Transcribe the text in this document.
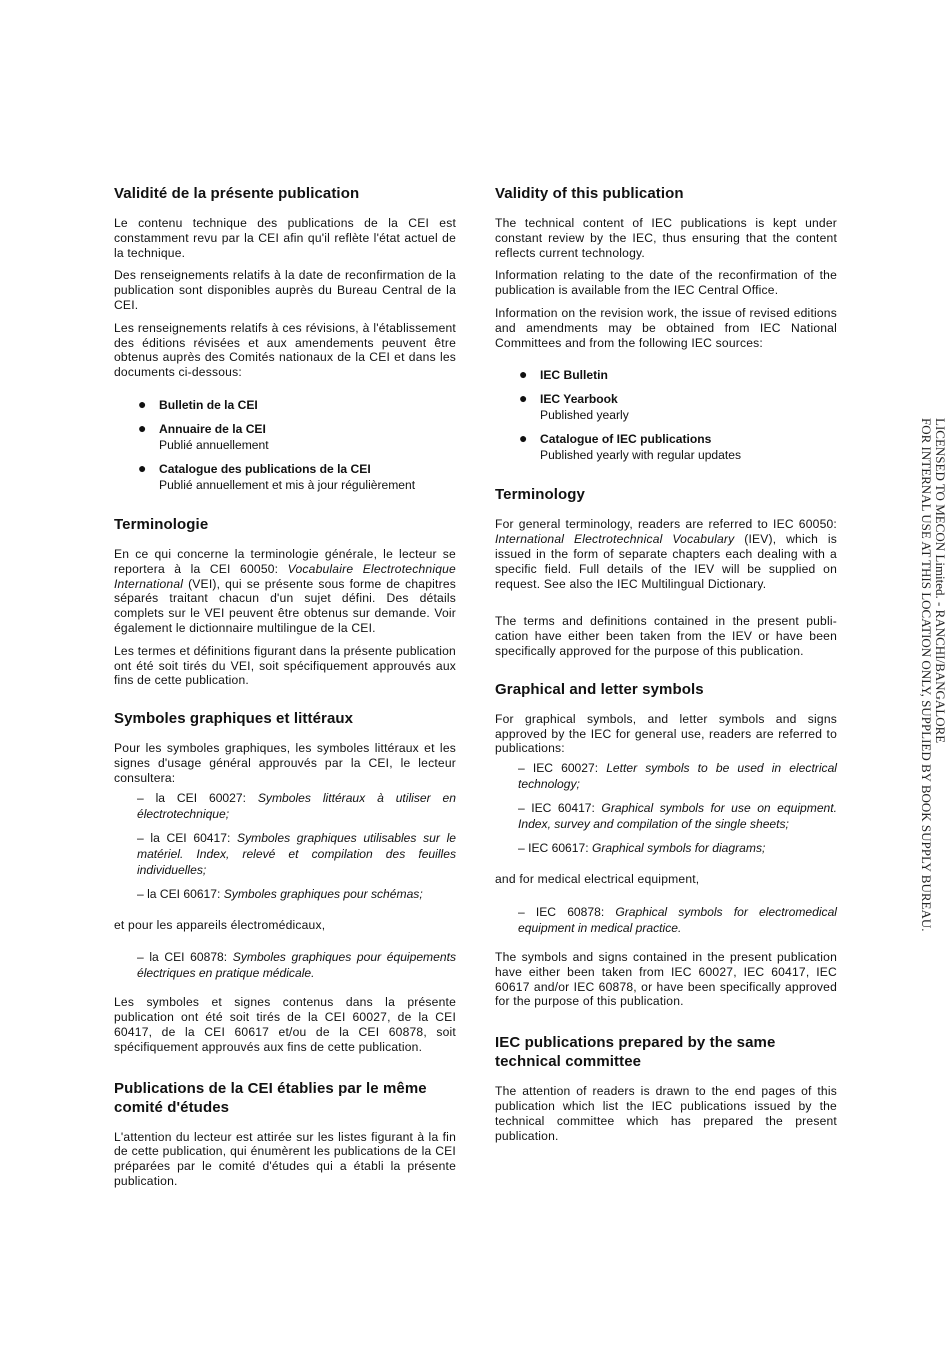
Validité de la présente publication

Le contenu technique des publications de la CEI est constamment revu par la CEI afin qu'il reflète l'état actuel de la technique.

Des renseignements relatifs à la date de reconfirmation de la publication sont disponibles auprès du Bureau Central de la CEI.

Les renseignements relatifs à ces révisions, à l'établissement des éditions révisées et aux amendements peuvent être obtenus auprès des Comités nationaux de la CEI et dans les documents ci-dessous:

● Bulletin de la CEI
● Annuaire de la CEI
Publié annuellement
● Catalogue des publications de la CEI
Publié annuellement et mis à jour régulièrement
Terminologie

En ce qui concerne la terminologie générale, le lecteur se reportera à la CEI 60050: Vocabulaire Electrotechnique International (VEI), qui se présente sous forme de chapitres séparés traitant chacun d'un sujet défini. Des détails complets sur le VEI peuvent être obtenus sur demande. Voir également le dictionnaire multilingue de la CEI.

Les termes et définitions figurant dans la présente publication ont été soit tirés du VEI, soit spécifiquement approuvés aux fins de cette publication.

Symboles graphiques et littéraux

Pour les symboles graphiques, les symboles littéraux et les signes d'usage général approuvés par la CEI, le lecteur consultera:

– la CEI 60027: Symboles littéraux à utiliser en électrotechnique;
– la CEI 60417: Symboles graphiques utilisables sur le matériel. Index, relevé et compilation des feuilles individuelles;
– la CEI 60617: Symboles graphiques pour schémas;

et pour les appareils électromédicaux,

– la CEI 60878: Symboles graphiques pour équipements électriques en pratique médicale.

Les symboles et signes contenus dans la présente publication ont été soit tirés de la CEI 60027, de la CEI 60417, de la CEI 60617 et/ou de la CEI 60878, soit spécifiquement approuvés aux fins de cette publication.

Publications de la CEI établies par le même comité d'études

L'attention du lecteur est attirée sur les listes figurant à la fin de cette publication, qui énumèrent les publications de la CEI préparées par le comité d'études qui a établi la présente publication.

Validity of this publication

The technical content of IEC publications is kept under constant review by the IEC, thus ensuring that the content reflects current technology.

Information relating to the date of the reconfirmation of the publication is available from the IEC Central Office.

Information on the revision work, the issue of revised editions and amendments may be obtained from IEC National Committees and from the following IEC sources:

● IEC Bulletin
● IEC Yearbook
Published yearly
● Catalogue of IEC publications
Published yearly with regular updates
Terminology

For general terminology, readers are referred to IEC 60050: International Electrotechnical Vocabulary (IEV), which is issued in the form of separate chapters each dealing with a specific field. Full details of the IEV will be supplied on request. See also the IEC Multilingual Dictionary.

The terms and definitions contained in the present publi-cation have either been taken from the IEV or have been specifically approved for the purpose of this publication.

Graphical and letter symbols

For graphical symbols, and letter symbols and signs approved by the IEC for general use, readers are referred to publications:

– IEC 60027: Letter symbols to be used in electrical technology;
– IEC 60417: Graphical symbols for use on equipment. Index, survey and compilation of the single sheets;
– IEC 60617: Graphical symbols for diagrams;

and for medical electrical equipment,

– IEC 60878: Graphical symbols for electromedical equipment in medical practice.

The symbols and signs contained in the present publication have either been taken from IEC 60027, IEC 60417, IEC 60617 and/or IEC 60878, or have been specifically approved for the purpose of this publication.

IEC publications prepared by the same technical committee

The attention of readers is drawn to the end pages of this publication which list the IEC publications issued by the technical committee which has prepared the present publication.

LICENSED TO MECON Limited. - RANCHI/BANGALORE
FOR INTERNAL USE AT THIS LOCATION ONLY, SUPPLIED BY BOOK SUPPLY BUREAU.
